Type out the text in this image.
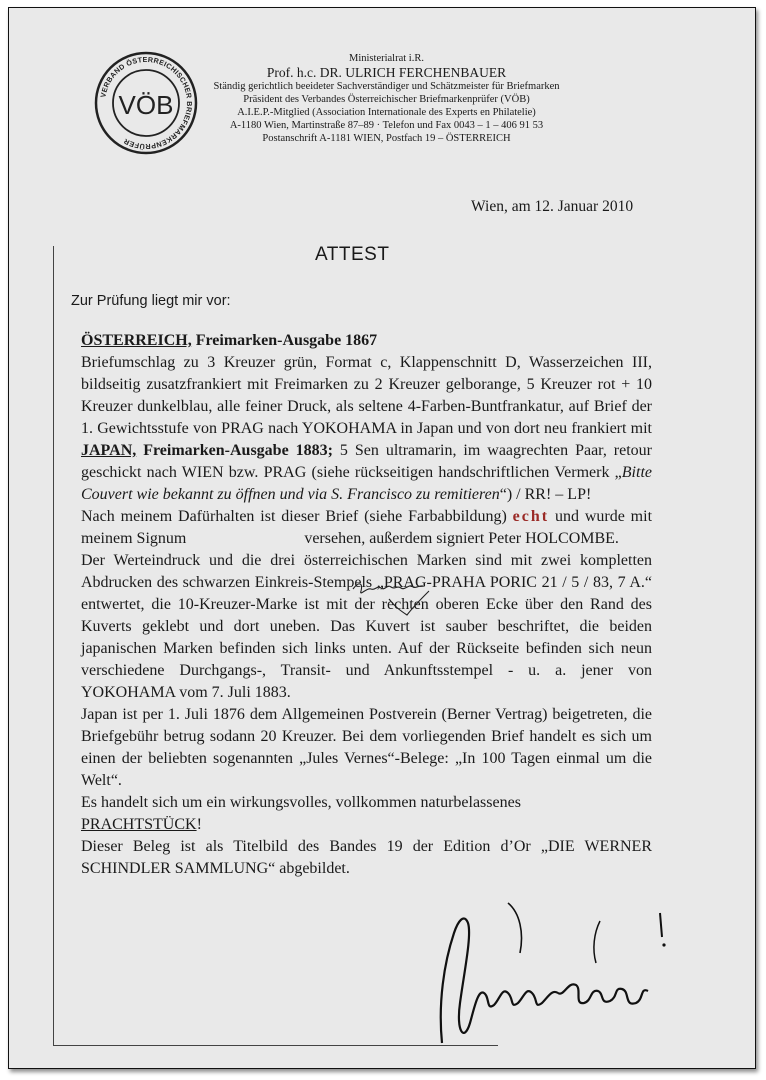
VERBAND ÖSTERREICHISCHER BRIEFMARKENPRÜFER
VÖB
Ministerialrat i.R.
Prof. h.c. DR. ULRICH FERCHENBAUER
Ständig gerichtlich beeideter Sachverständiger und Schätzmeister für Briefmarken
Präsident des Verbandes Österreichischer Briefmarkenprüfer (VÖB)
A.I.E.P.-Mitglied (Association Internationale des Experts en Philatelie)
A-1180 Wien, Martinstraße 87–89 · Telefon und Fax 0043 – 1 – 406 91 53
Postanschrift A-1181 WIEN, Postfach 19 – ÖSTERREICH
Wien, am 12. Januar 2010
ATTEST
Zur Prüfung liegt mir vor:

ÖSTERREICH, Freimarken-Ausgabe 1867
Briefumschlag zu 3 Kreuzer grün, Format c, Klappenschnitt D, Wasserzeichen III, bildseitig zusatzfrankiert mit Freimarken zu 2 Kreuzer gelborange, 5 Kreuzer rot + 10 Kreuzer dunkelblau, alle feiner Druck, als seltene 4-Farben-Buntfrankatur, auf Brief der 1. Gewichtsstufe von PRAG nach YOKOHAMA in Japan und von dort neu frankiert mit JAPAN, Freimarken-Ausgabe 1883; 5 Sen ultramarin, im waagrechten Paar, retour geschickt nach WIEN bzw. PRAG (siehe rückseitigen handschriftlichen Vermerk „Bitte Couvert wie bekannt zu öffnen und via S. Francisco zu remitieren“) / RR! – LP!

Nach meinem Dafürhalten ist dieser Brief (siehe Farbabbildung) echt und wurde mit meinem Signum	versehen, außerdem signiert Peter HOLCOMBE.

Der Werteindruck und die drei österreichischen Marken sind mit zwei kompletten Abdrucken des schwarzen Einkreis-Stempels „PRAG-PRAHA PORIC 21 / 5 / 83, 7 A.“ entwertet, die 10-Kreuzer-Marke ist mit der rechten oberen Ecke über den Rand des Kuverts geklebt und dort uneben. Das Kuvert ist sauber beschriftet, die beiden japanischen Marken befinden sich links unten. Auf der Rückseite befinden sich neun verschiedene Durchgangs-, Transit- und Ankunftsstempel - u. a. jener von YOKOHAMA vom 7. Juli 1883.

Japan ist per 1. Juli 1876 dem Allgemeinen Postverein (Berner Vertrag) beigetreten, die Briefgebühr betrug sodann 20 Kreuzer. Bei dem vorliegenden Brief handelt es sich um einen der beliebten sogenannten „Jules Vernes“-Belege: „In 100 Tagen einmal um die Welt“.

Es handelt sich um ein wirkungsvolles, vollkommen naturbelassenes
PRACHTSTÜCK!

Dieser Beleg ist als Titelbild des Bandes 19 der Edition d’Or „DIE WERNER SCHINDLER SAMMLUNG“ abgebildet.
